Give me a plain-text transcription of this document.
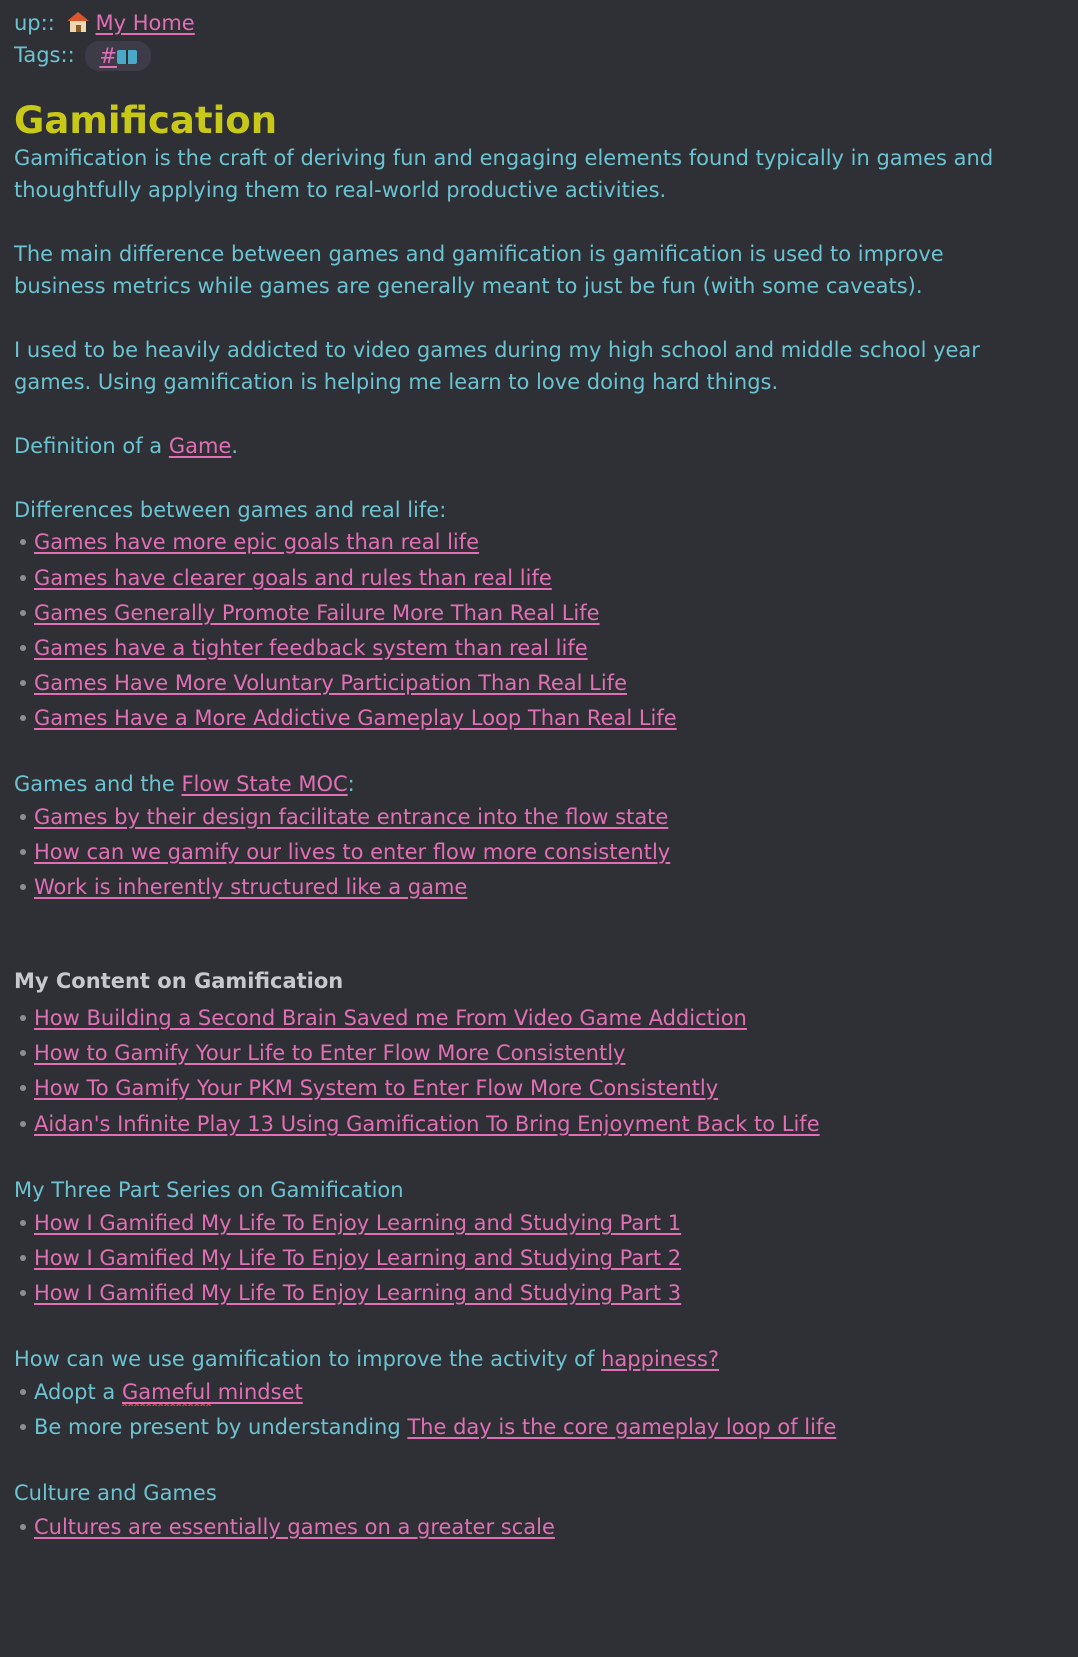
up:: My Home
Tags:: #
Gamification

Gamification is the craft of deriving fun and engaging elements found typically in games and thoughtfully applying them to real-world productive activities.

The main difference between games and gamification is gamification is used to improve business metrics while games are generally meant to just be fun (with some caveats).

I used to be heavily addicted to video games during my high school and middle school year games. Using gamification is helping me learn to love doing hard things.

Definition of a Game.
Differences between games and real life:
Games have more epic goals than real life
Games have clearer goals and rules than real life
Games Generally Promote Failure More Than Real Life
Games have a tighter feedback system than real life
Games Have More Voluntary Participation Than Real Life
Games Have a More Addictive Gameplay Loop Than Real Life
Games and the Flow State MOC:
Games by their design facilitate entrance into the flow state
How can we gamify our lives to enter flow more consistently
Work is inherently structured like a game
My Content on Gamification
How Building a Second Brain Saved me From Video Game Addiction
How to Gamify Your Life to Enter Flow More Consistently
How To Gamify Your PKM System to Enter Flow More Consistently
Aidan's Infinite Play 13 Using Gamification To Bring Enjoyment Back to Life
My Three Part Series on Gamification
How I Gamified My Life To Enjoy Learning and Studying Part 1
How I Gamified My Life To Enjoy Learning and Studying Part 2
How I Gamified My Life To Enjoy Learning and Studying Part 3
How can we use gamification to improve the activity of happiness?
Adopt a Gameful mindset
Be more present by understanding The day is the core gameplay loop of life
Culture and Games
Cultures are essentially games on a greater scale
